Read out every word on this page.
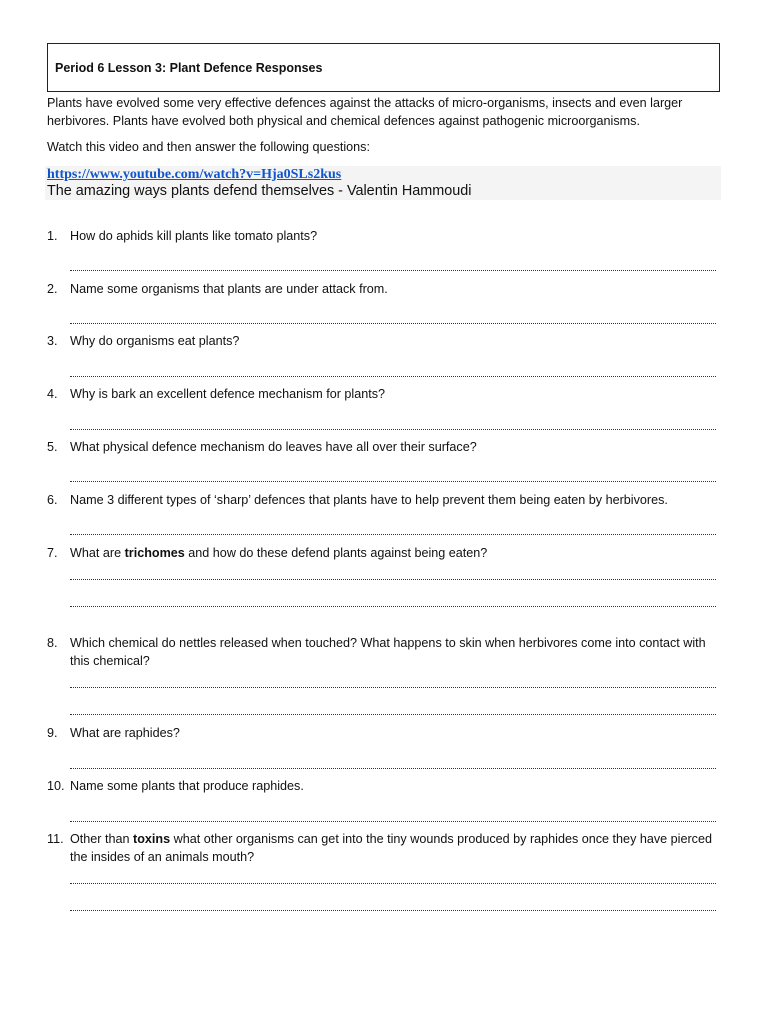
Period 6 Lesson 3: Plant Defence Responses
Plants have evolved some very effective defences against the attacks of micro-organisms, insects and even larger herbivores. Plants have evolved both physical and chemical defences against pathogenic microorganisms.
Watch this video and then answer the following questions:
https://www.youtube.com/watch?v=Hja0SLs2kus
The amazing ways plants defend themselves - Valentin Hammoudi
1. How do aphids kill plants like tomato plants?
2. Name some organisms that plants are under attack from.
3. Why do organisms eat plants?
4. Why is bark an excellent defence mechanism for plants?
5. What physical defence mechanism do leaves have all over their surface?
6. Name 3 different types of ‘sharp’ defences that plants have to help prevent them being eaten by herbivores.
7. What are trichomes and how do these defend plants against being eaten?
8. Which chemical do nettles released when touched? What happens to skin when herbivores come into contact with this chemical?
9. What are raphides?
10. Name some plants that produce raphides.
11. Other than toxins what other organisms can get into the tiny wounds produced by raphides once they have pierced the insides of an animals mouth?
